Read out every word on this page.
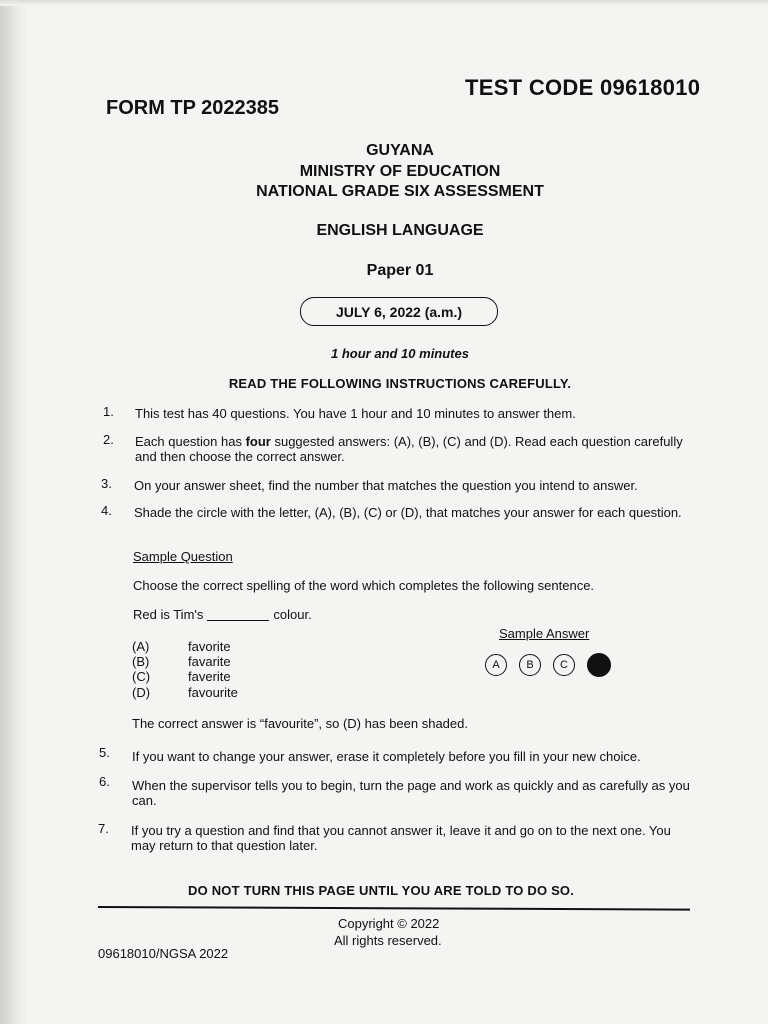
TEST CODE 09618010
FORM TP 2022385
GUYANA
MINISTRY OF EDUCATION
NATIONAL GRADE SIX ASSESSMENT
ENGLISH LANGUAGE
Paper 01
JULY 6, 2022 (a.m.)
1 hour and 10 minutes
READ THE FOLLOWING INSTRUCTIONS CAREFULLY.
1. This test has 40 questions. You have 1 hour and 10 minutes to answer them.
2. Each question has four suggested answers: (A), (B), (C) and (D). Read each question carefully and then choose the correct answer.
3. On your answer sheet, find the number that matches the question you intend to answer.
4. Shade the circle with the letter, (A), (B), (C) or (D), that matches your answer for each question.
Sample Question
Choose the correct spelling of the word which completes the following sentence.
Red is Tim's	colour.
(A)	favorite
(B)	favarite
(C)	faverite
(D)	favourite
Sample Answer
A	B	C
The correct answer is “favourite”, so (D) has been shaded.
5. If you want to change your answer, erase it completely before you fill in your new choice.
6. When the supervisor tells you to begin, turn the page and work as quickly and as carefully as you can.
7. If you try a question and find that you cannot answer it, leave it and go on to the next one. You may return to that question later.
DO NOT TURN THIS PAGE UNTIL YOU ARE TOLD TO DO SO.
Copyright © 2022
All rights reserved.
09618010/NGSA 2022
